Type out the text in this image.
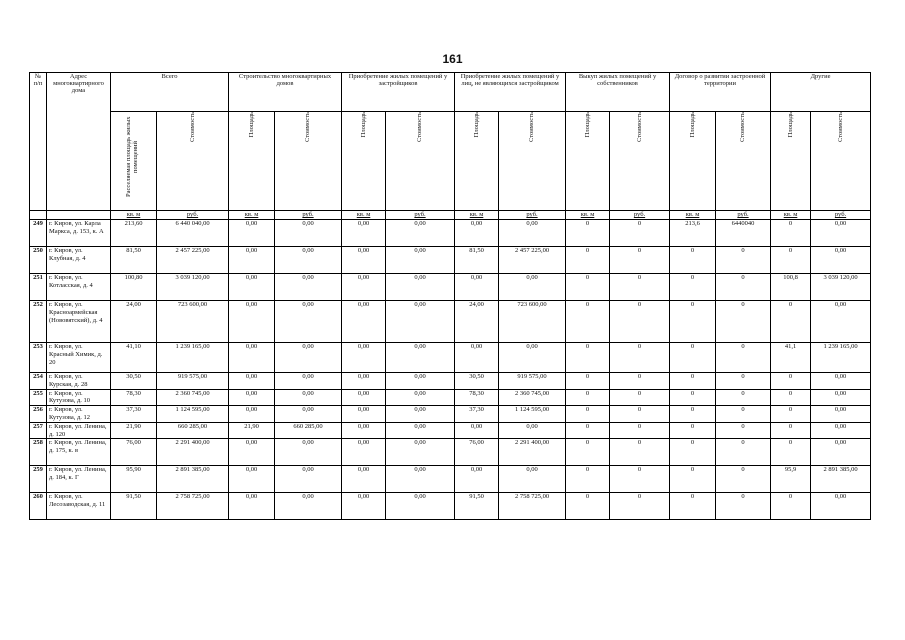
161
№ п/п	Адрес многоквартирного дома	Всего		Строительство многоквартирных домов		Приобретение жилых помещений у застройщиков		Приобретение жилых помещений у лиц, не являющихся застройщиком		Выкуп жилых помещений у собственников		Договор о развитии застроенной территории		Другие	
		Расселяемая площадь жилых помещений	Стоимость	Площадь	Стоимость	Площадь	Стоимость	Площадь	Стоимость	Площадь	Стоимость	Площадь	Стоимость	Площадь	Стоимость
		кв. м	руб.	кв. м	руб.	кв. м	руб.	кв. м	руб.	кв. м	руб.	кв. м	руб.	кв. м	руб.
249	г. Киров, ул. Карла Маркса, д. 153, к. А	213,60	6 440 040,00	0,00	0,00	0,00	0,00	0,00	0,00	0	0	213,6	6440040	0	0,00
250	г. Киров, ул. Клубная, д. 4	81,50	2 457 225,00	0,00	0,00	0,00	0,00	81,50	2 457 225,00	0	0	0	0	0	0,00
251	г. Киров, ул. Котласская, д. 4	100,80	3 039 120,00	0,00	0,00	0,00	0,00	0,00	0,00	0	0	0	0	100,8	3 039 120,00
252	г. Киров, ул. Красноармейская (Нововятский), д. 4	24,00	723 600,00	0,00	0,00	0,00	0,00	24,00	723 600,00	0	0	0	0	0	0,00
253	г. Киров, ул. Красный Химик, д. 20	41,10	1 239 165,00	0,00	0,00	0,00	0,00	0,00	0,00	0	0	0	0	41,1	1 239 165,00
254	г. Киров, ул. Курская, д. 28	30,50	919 575,00	0,00	0,00	0,00	0,00	30,50	919 575,00	0	0	0	0	0	0,00
255	г. Киров, ул. Кутузова, д. 10	78,30	2 360 745,00	0,00	0,00	0,00	0,00	78,30	2 360 745,00	0	0	0	0	0	0,00
256	г. Киров, ул. Кутузова, д. 12	37,30	1 124 595,00	0,00	0,00	0,00	0,00	37,30	1 124 595,00	0	0	0	0	0	0,00
257	г. Киров, ул. Ленина, д. 120	21,90	660 285,00	21,90	660 285,00	0,00	0,00	0,00	0,00	0	0	0	0	0	0,00
258	г. Киров, ул. Ленина, д. 175, к. в	76,00	2 291 400,00	0,00	0,00	0,00	0,00	76,00	2 291 400,00	0	0	0	0	0	0,00
259	г. Киров, ул. Ленина, д. 184, к. Г	95,90	2 891 385,00	0,00	0,00	0,00	0,00	0,00	0,00	0	0	0	0	95,9	2 891 385,00
260	г. Киров, ул. Лесозаводская, д. 11	91,50	2 758 725,00	0,00	0,00	0,00	0,00	91,50	2 758 725,00	0	0	0	0	0	0,00
